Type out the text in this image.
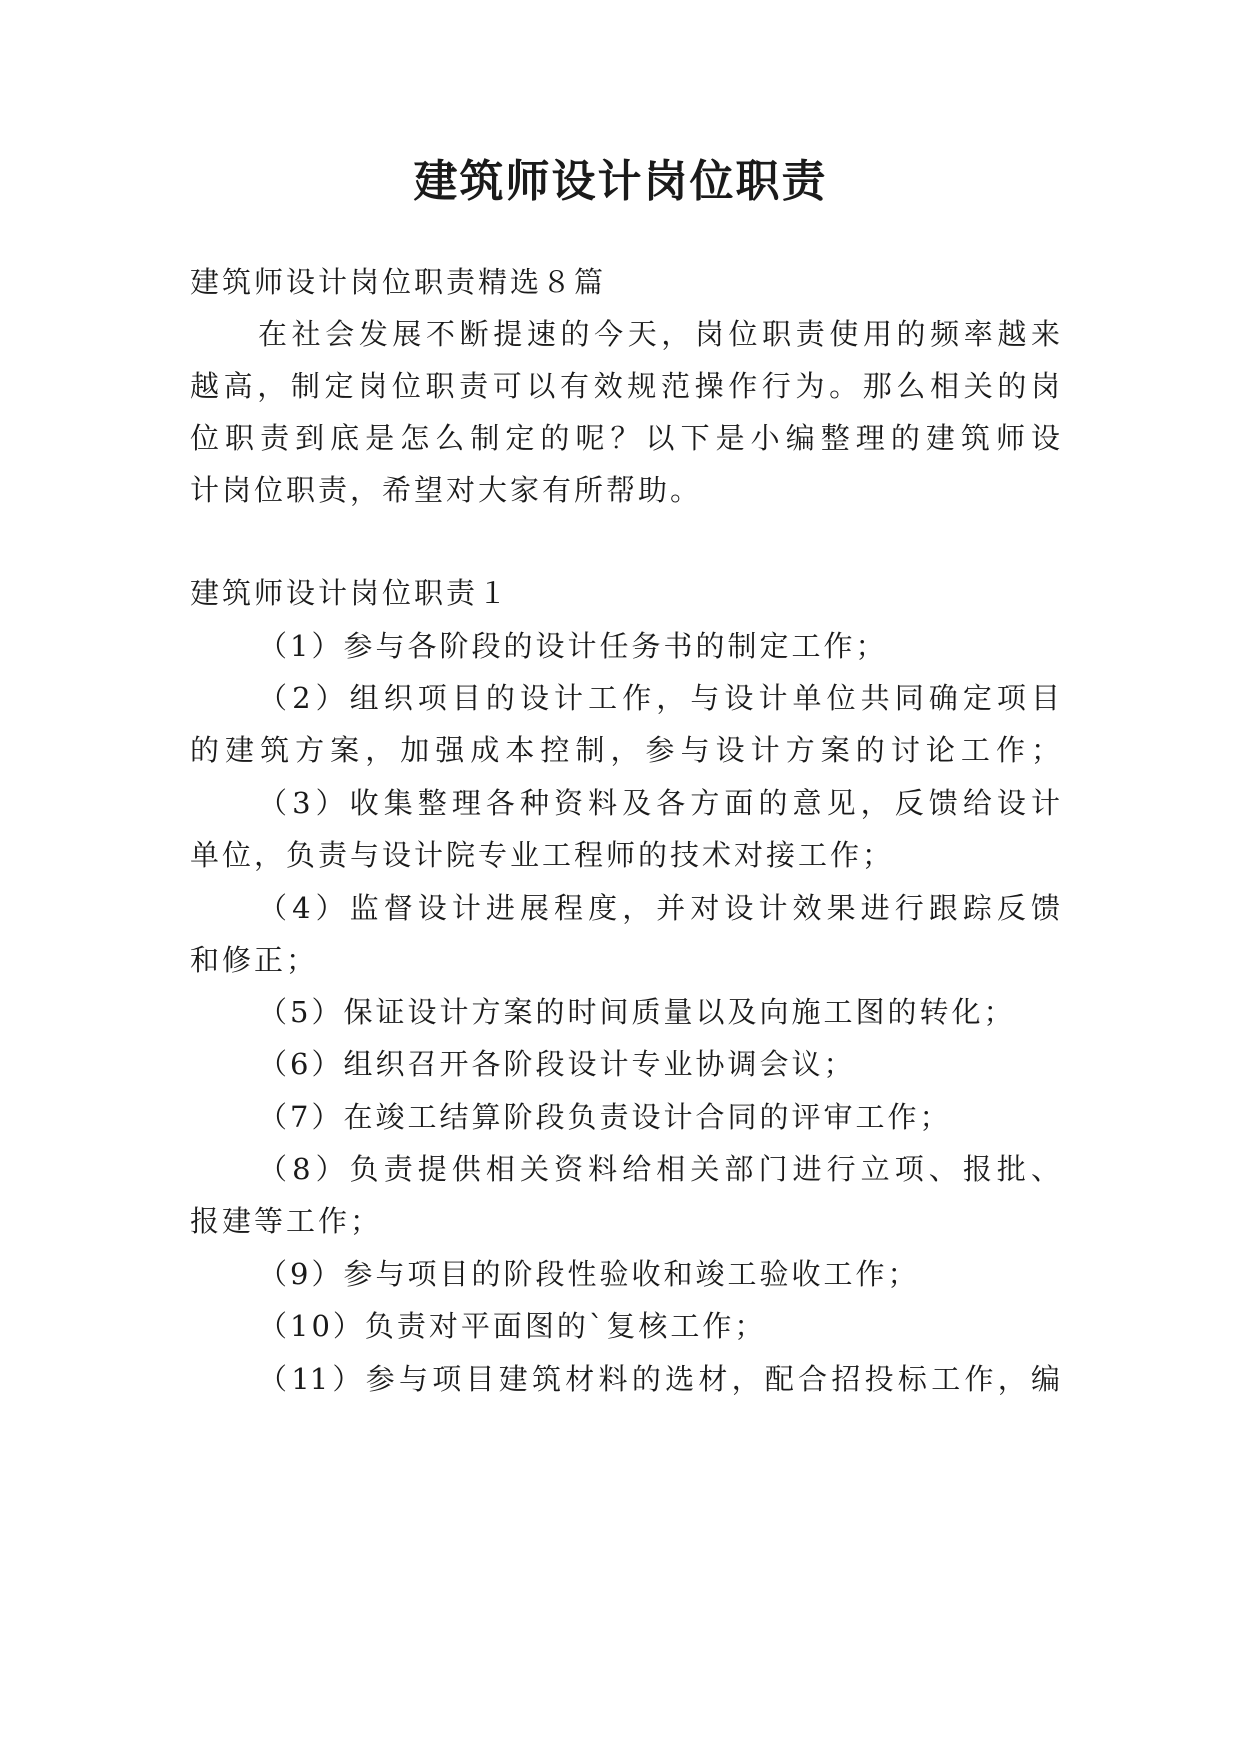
建筑师设计岗位职责

建筑师设计岗位职责精选８篇

在社会发展不断提速的今天，岗位职责使用的频率越来

越高，制定岗位职责可以有效规范操作行为。那么相关的岗

位职责到底是怎么制定的呢？以下是小编整理的建筑师设

计岗位职责，希望对大家有所帮助。

建筑师设计岗位职责１

（1）参与各阶段的设计任务书的制定工作；

（2）组织项目的设计工作，与设计单位共同确定项目

的建筑方案，加强成本控制，参与设计方案的讨论工作；

（3）收集整理各种资料及各方面的意见，反馈给设计

单位，负责与设计院专业工程师的技术对接工作；

（4）监督设计进展程度，并对设计效果进行跟踪反馈

和修正；

（5）保证设计方案的时间质量以及向施工图的转化；

（6）组织召开各阶段设计专业协调会议；

（7）在竣工结算阶段负责设计合同的评审工作；

（8）负责提供相关资料给相关部门进行立项、报批、

报建等工作；

（9）参与项目的阶段性验收和竣工验收工作；

（10）负责对平面图的`复核工作；

（11）参与项目建筑材料的选材，配合招投标工作，编
